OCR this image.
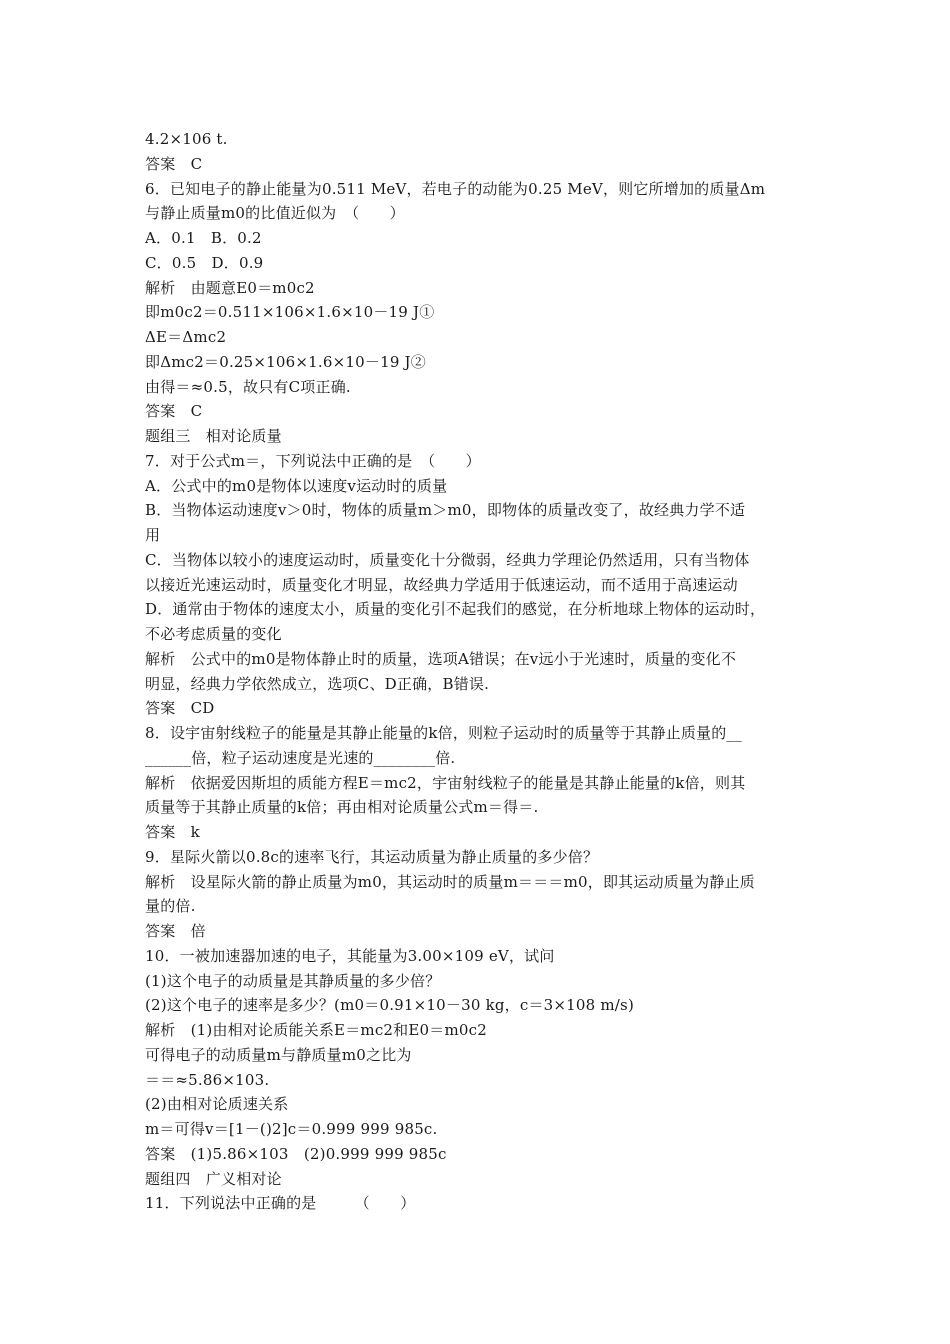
4.2×106 t.
答案　C
6．已知电子的静止能量为0.511 MeV，若电子的动能为0.25 MeV，则它所增加的质量Δm
与静止质量m0的比值近似为　（　　）
A．0.1　B．0.2
C．0.5　D．0.9
解析　由题意E0＝m0c2
即m0c2＝0.511×106×1.6×10－19 J①
ΔE＝Δmc2
即Δmc2＝0.25×106×1.6×10－19 J②
由得＝≈0.5，故只有C项正确.
答案　C
题组三　相对论质量
7．对于公式m＝，下列说法中正确的是　（　　）
A．公式中的m0是物体以速度v运动时的质量
B．当物体运动速度v＞0时，物体的质量m＞m0，即物体的质量改变了，故经典力学不适
用
C．当物体以较小的速度运动时，质量变化十分微弱，经典力学理论仍然适用，只有当物体
以接近光速运动时，质量变化才明显，故经典力学适用于低速运动，而不适用于高速运动
D．通常由于物体的速度太小，质量的变化引不起我们的感觉，在分析地球上物体的运动时，
不必考虑质量的变化
解析　公式中的m0是物体静止时的质量，选项A错误；在v远小于光速时，质量的变化不
明显，经典力学依然成立，选项C、D正确，B错误.
答案　CD
8．设宇宙射线粒子的能量是其静止能量的k倍，则粒子运动时的质量等于其静止质量的__
______倍，粒子运动速度是光速的________倍.
解析　依据爱因斯坦的质能方程E＝mc2，宇宙射线粒子的能量是其静止能量的k倍，则其
质量等于其静止质量的k倍；再由相对论质量公式m＝得＝.
答案　k
9．星际火箭以0.8c的速率飞行，其运动质量为静止质量的多少倍？
解析　设星际火箭的静止质量为m0，其运动时的质量m＝＝＝m0，即其运动质量为静止质
量的倍.
答案　倍
10．一被加速器加速的电子，其能量为3.00×109 eV，试问
(1)这个电子的动质量是其静质量的多少倍？
(2)这个电子的速率是多少？(m0＝0.91×10－30 kg，c＝3×108 m/s)
解析　(1)由相对论质能关系E＝mc2和E0＝m0c2
可得电子的动质量m与静质量m0之比为
＝＝≈5.86×103.
(2)由相对论质速关系
m＝可得v＝[1－()2]c＝0.999 999 985c.
答案　(1)5.86×103　(2)0.999 999 985c
题组四　广义相对论
11．下列说法中正确的是　　　（　　）
